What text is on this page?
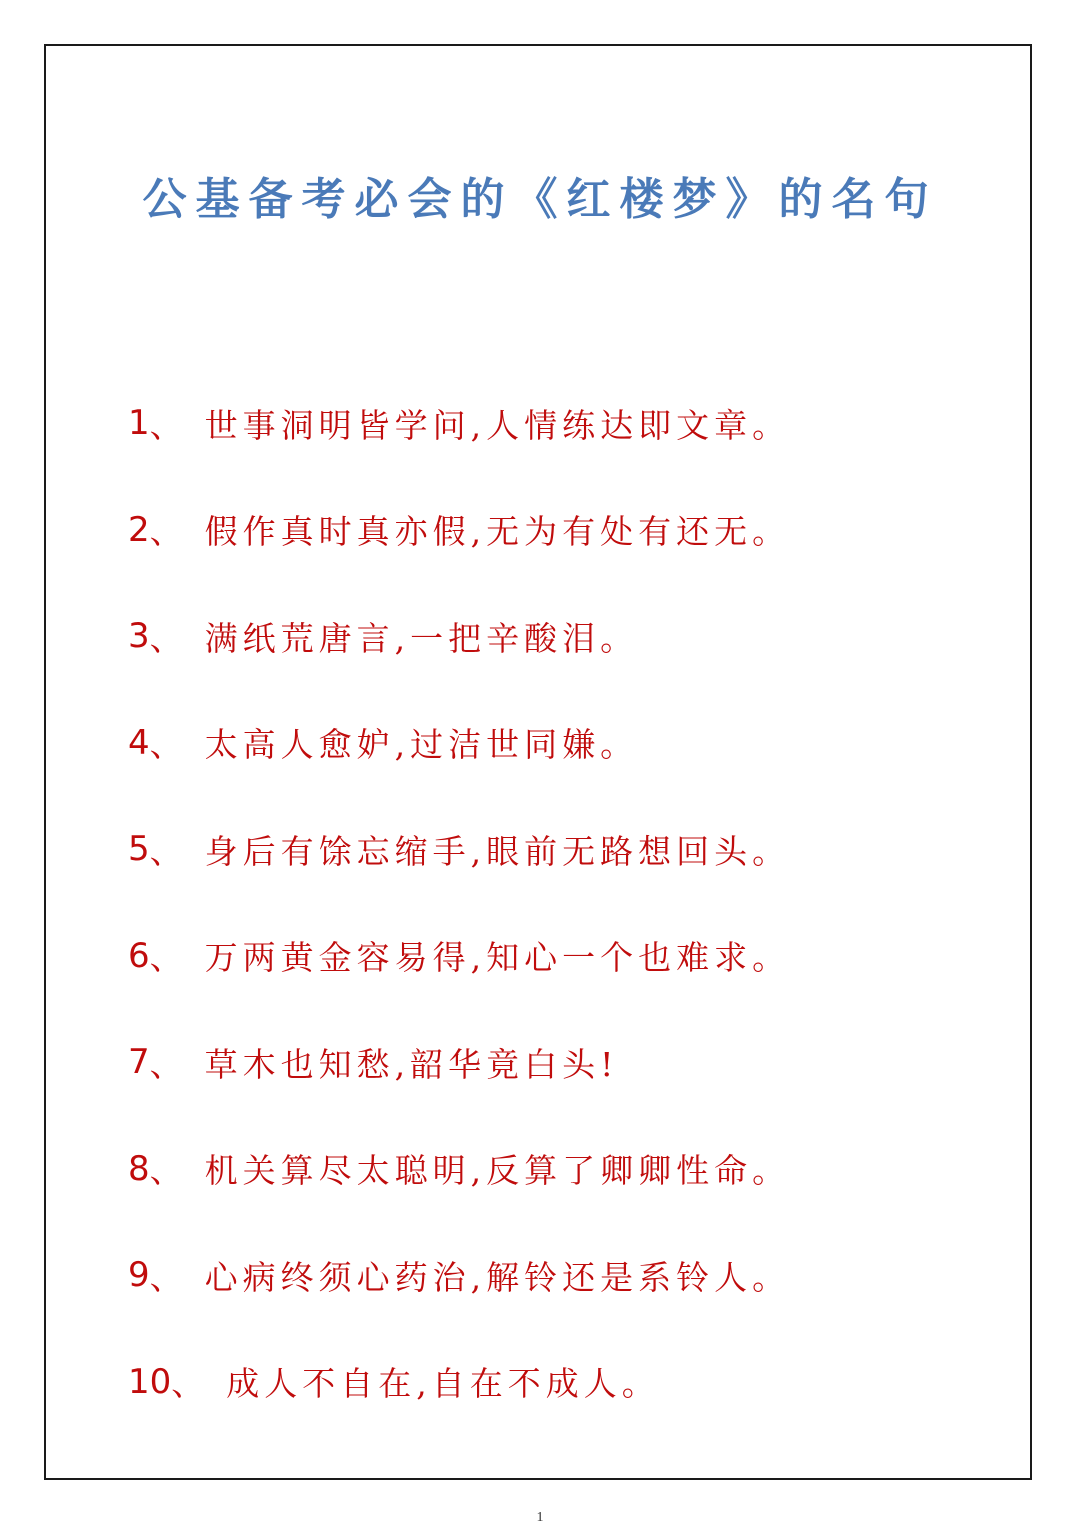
公基备考必会的《红楼梦》的名句
1 、 世事洞明皆学问,人情练达即文章。
2 、 假作真时真亦假,无为有处有还无。
3 、 满纸荒唐言,一把辛酸泪。
4 、 太高人愈妒,过洁世同嫌。
5 、 身后有馀忘缩手,眼前无路想回头。
6 、 万两黄金容易得,知心一个也难求。
7 、 草木也知愁,韶华竟白头!
8 、 机关算尽太聪明,反算了卿卿性命。
9 、 心病终须心药治,解铃还是系铃人。
10 、 成人不自在,自在不成人。
1
